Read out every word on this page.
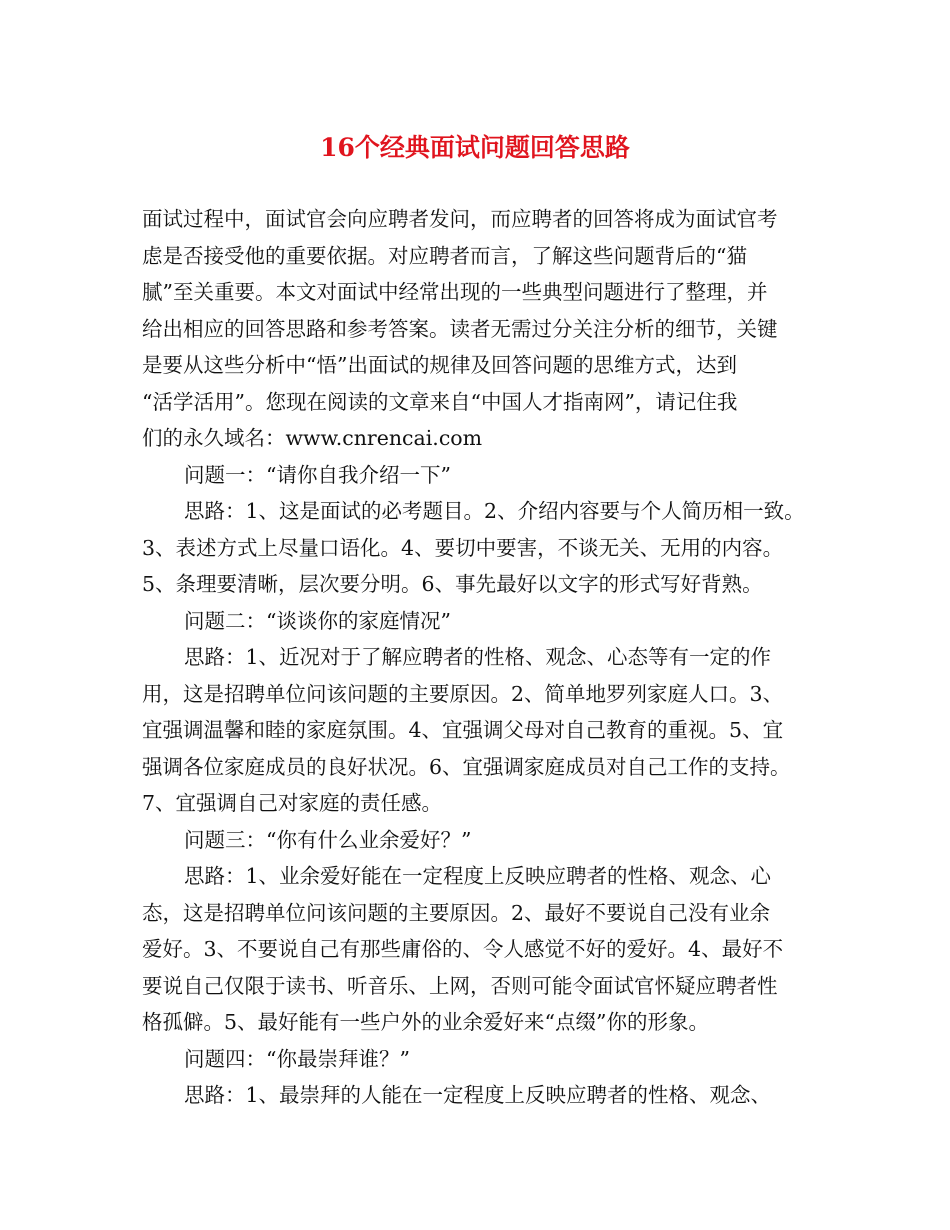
16个经典面试问题回答思路
面试过程中，面试官会向应聘者发问，而应聘者的回答将成为面试官考
虑是否接受他的重要依据。对应聘者而言，了解这些问题背后的“猫
腻”至关重要。本文对面试中经常出现的一些典型问题进行了整理，并
给出相应的回答思路和参考答案。读者无需过分关注分析的细节，关键
是要从这些分析中“悟”出面试的规律及回答问题的思维方式，达到
“活学活用”。您现在阅读的文章来自“中国人才指南网”，请记住我
们的永久域名：www.cnrencai.com
问题一：“请你自我介绍一下”
思路：1、这是面试的必考题目。2、介绍内容要与个人简历相一致。
3、表述方式上尽量口语化。4、要切中要害，不谈无关、无用的内容。
5、条理要清晰，层次要分明。6、事先最好以文字的形式写好背熟。
问题二：“谈谈你的家庭情况”
思路：1、近况对于了解应聘者的性格、观念、心态等有一定的作
用，这是招聘单位问该问题的主要原因。2、简单地罗列家庭人口。3、
宜强调温馨和睦的家庭氛围。4、宜强调父母对自己教育的重视。5、宜
强调各位家庭成员的良好状况。6、宜强调家庭成员对自己工作的支持。
7、宜强调自己对家庭的责任感。
问题三：“你有什么业余爱好？”
思路：1、业余爱好能在一定程度上反映应聘者的性格、观念、心
态，这是招聘单位问该问题的主要原因。2、最好不要说自己没有业余
爱好。3、不要说自己有那些庸俗的、令人感觉不好的爱好。4、最好不
要说自己仅限于读书、听音乐、上网，否则可能令面试官怀疑应聘者性
格孤僻。5、最好能有一些户外的业余爱好来“点缀”你的形象。
问题四：“你最崇拜谁？”
思路：1、最崇拜的人能在一定程度上反映应聘者的性格、观念、
